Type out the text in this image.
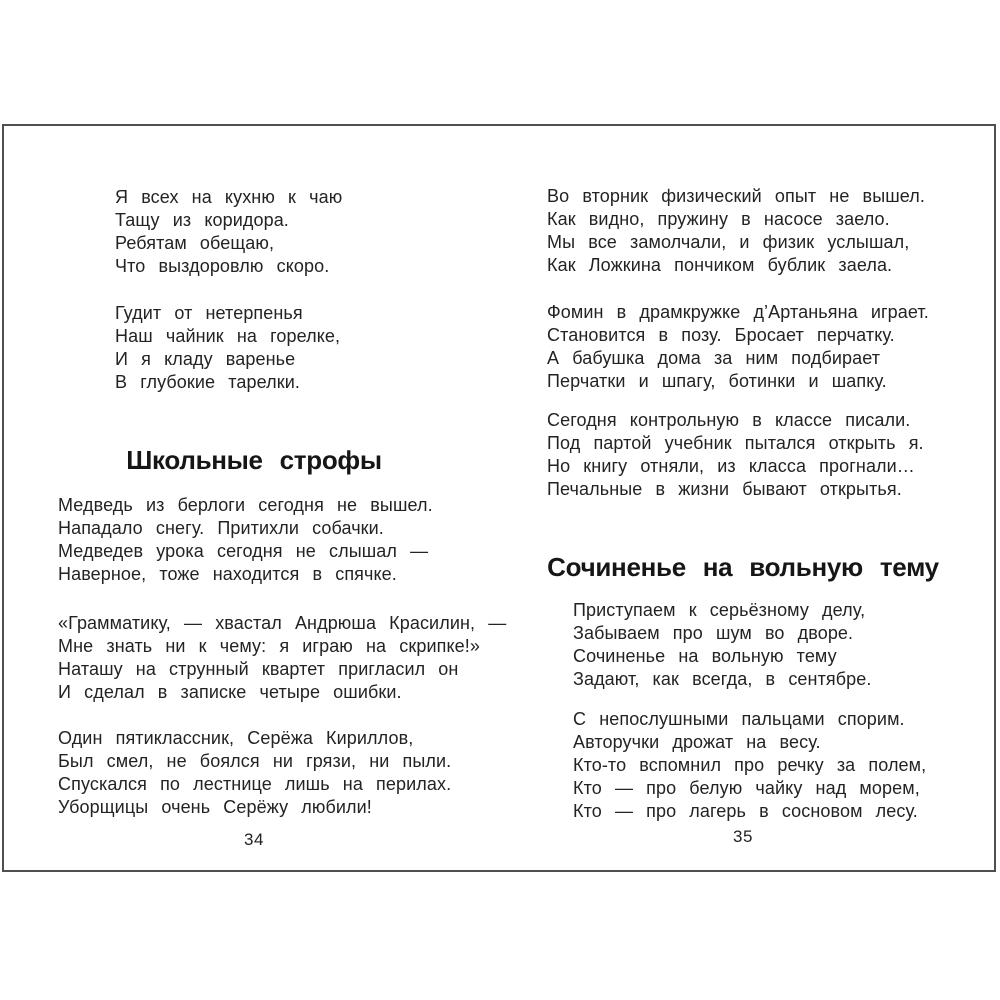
Я всех на кухню к чаю
Тащу из коридора.
Ребятам обещаю,
Что выздоровлю скоро.
Гудит от нетерпенья
Наш чайник на горелке,
И я кладу варенье
В глубокие тарелки.
Школьные строфы
Медведь из берлоги сегодня не вышел.
Нападало снегу. Притихли собачки.
Медведев урока сегодня не слышал —
Наверное, тоже находится в спячке.
«Грамматику, — хвастал Андрюша Красилин, —
Мне знать ни к чему: я играю на скрипке!»
Наташу на струнный квартет пригласил он
И сделал в записке четыре ошибки.
Один пятиклассник, Серёжа Кириллов,
Был смел, не боялся ни грязи, ни пыли.
Спускался по лестнице лишь на перилах.
Уборщицы очень Серёжу любили!
34
Во вторник физический опыт не вышел.
Как видно, пружину в насосе заело.
Мы все замолчали, и физик услышал,
Как Ложкина пончиком бублик заела.
Фомин в драмкружке д’Артаньяна играет.
Становится в позу. Бросает перчатку.
А бабушка дома за ним подбирает
Перчатки и шпагу, ботинки и шапку.
Сегодня контрольную в классе писали.
Под партой учебник пытался открыть я.
Но книгу отняли, из класса прогнали…
Печальные в жизни бывают открытья.
Сочиненье на вольную тему
Приступаем к серьёзному делу,
Забываем про шум во дворе.
Сочиненье на вольную тему
Задают, как всегда, в сентябре.
С непослушными пальцами спорим.
Авторучки дрожат на весу.
Кто-то вспомнил про речку за полем,
Кто — про белую чайку над морем,
Кто — про лагерь в сосновом лесу.
35
